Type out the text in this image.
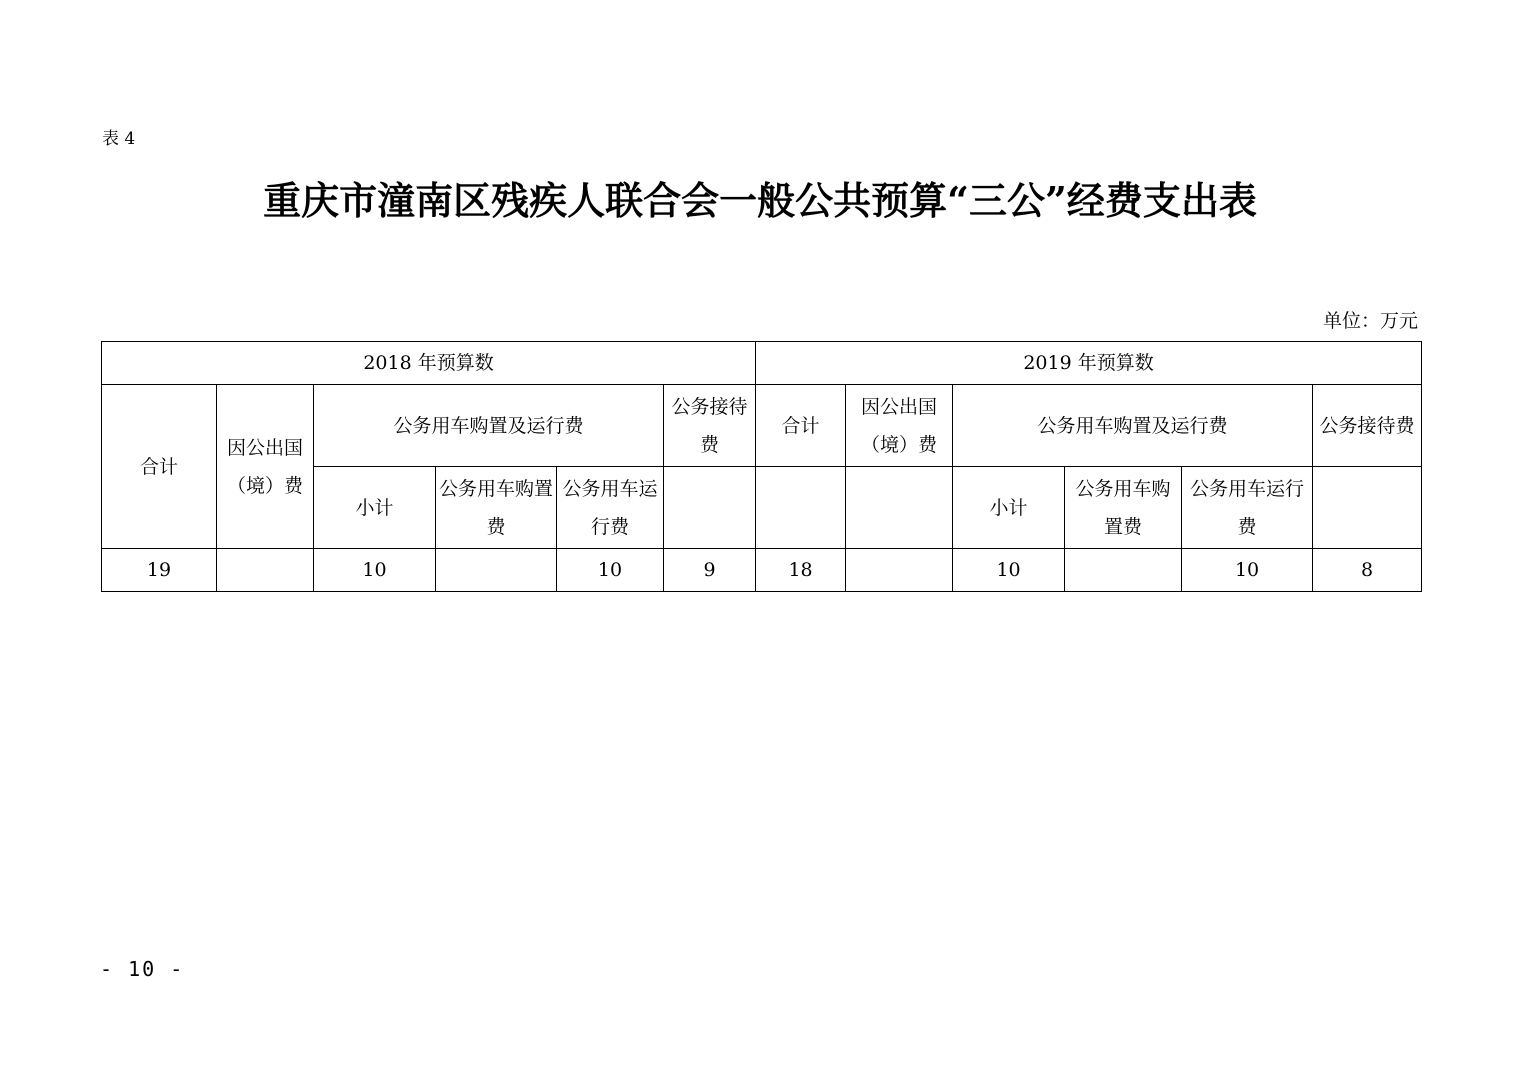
表 4
重庆市潼南区残疾人联合会一般公共预算“三公”经费支出表
单位：万元
2018 年预算数						2019 年预算数					
合计	因公出国（境）费	公务用车购置及运行费			公务接待费	合计	因公出国（境）费	公务用车购置及运行费			公务接待费
		小计	公务用车购置费	公务用车运行费				小计	公务用车购置费	公务用车运行费	
19		10		10	9	18		10		10	8
- 10 -
